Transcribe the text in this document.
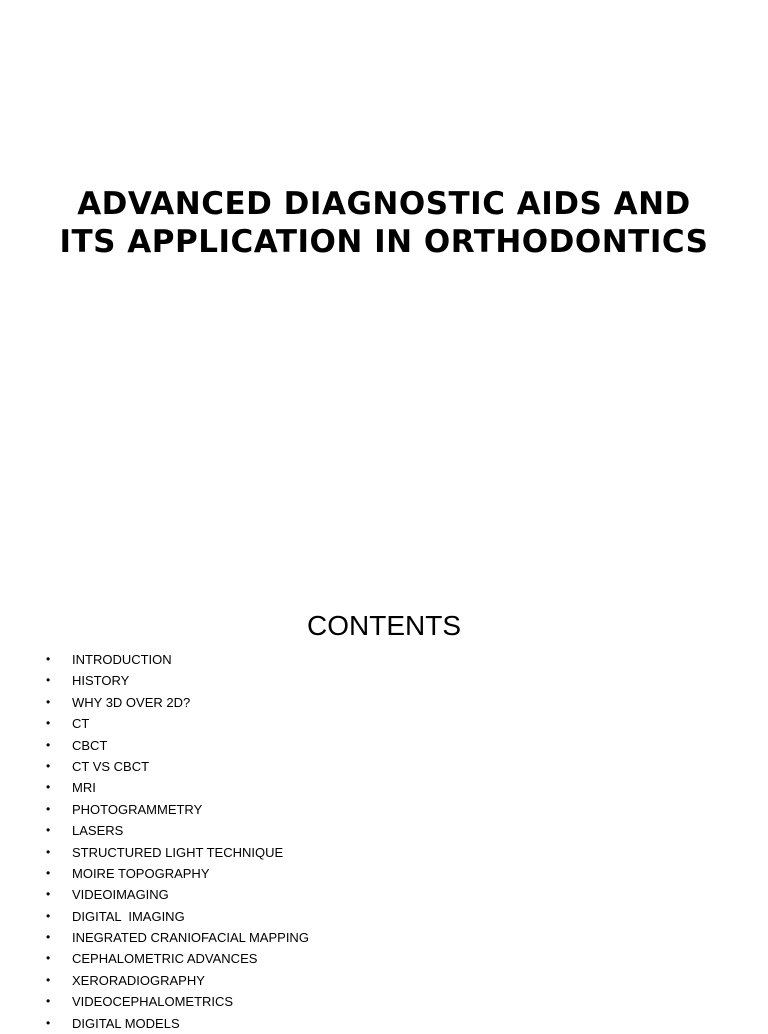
ADVANCED DIAGNOSTIC AIDS AND
ITS APPLICATION IN ORTHODONTICS
CONTENTS
• INTRODUCTION
• HISTORY
• WHY 3D OVER 2D?
• CT
• CBCT
• CT VS CBCT
• MRI
• PHOTOGRAMMETRY
• LASERS
• STRUCTURED LIGHT TECHNIQUE
• MOIRE TOPOGRAPHY
• VIDEOIMAGING
• DIGITAL  IMAGING
• INEGRATED CRANIOFACIAL MAPPING
• CEPHALOMETRIC ADVANCES
• XERORADIOGRAPHY
• VIDEOCEPHALOMETRICS
• DIGITAL MODELS
